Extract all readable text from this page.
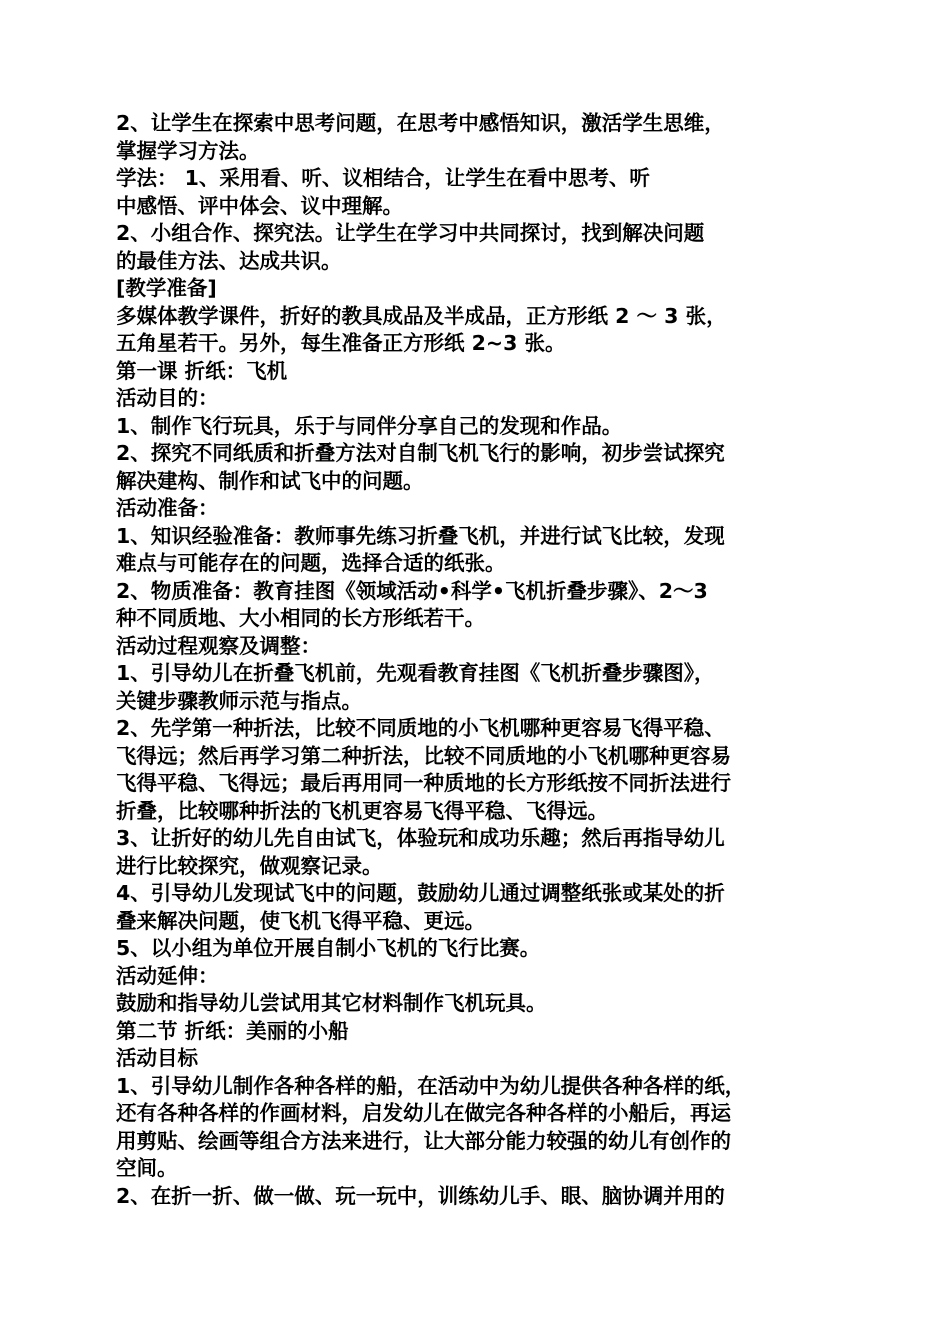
2、让学生在探索中思考问题，在思考中感悟知识，激活学生思维，
掌握学习方法。
学法： 1、采用看、听、议相结合，让学生在看中思考、听
中感悟、评中体会、议中理解。
2、小组合作、探究法。让学生在学习中共同探讨，找到解决问题
的最佳方法、达成共识。
[教学准备]
多媒体教学课件，折好的教具成品及半成品，正方形纸 2 ～ 3 张，
五角星若干。另外，每生准备正方形纸 2~3 张。
第一课 折纸：飞机
活动目的：
1、制作飞行玩具，乐于与同伴分享自己的发现和作品。
2、探究不同纸质和折叠方法对自制飞机飞行的影响，初步尝试探究
解决建构、制作和试飞中的问题。
活动准备：
1、知识经验准备：教师事先练习折叠飞机，并进行试飞比较，发现
难点与可能存在的问题，选择合适的纸张。
2、物质准备：教育挂图《领域活动•科学•飞机折叠步骤》、2～3
种不同质地、大小相同的长方形纸若干。
活动过程观察及调整：
1、引导幼儿在折叠飞机前，先观看教育挂图《飞机折叠步骤图》，
关键步骤教师示范与指点。
2、先学第一种折法，比较不同质地的小飞机哪种更容易飞得平稳、
飞得远；然后再学习第二种折法，比较不同质地的小飞机哪种更容易
飞得平稳、飞得远；最后再用同一种质地的长方形纸按不同折法进行
折叠，比较哪种折法的飞机更容易飞得平稳、飞得远。
3、让折好的幼儿先自由试飞，体验玩和成功乐趣；然后再指导幼儿
进行比较探究，做观察记录。
4、引导幼儿发现试飞中的问题，鼓励幼儿通过调整纸张或某处的折
叠来解决问题，使飞机飞得平稳、更远。
5、以小组为单位开展自制小飞机的飞行比赛。
活动延伸：
鼓励和指导幼儿尝试用其它材料制作飞机玩具。
第二节 折纸：美丽的小船
活动目标
1、引导幼儿制作各种各样的船，在活动中为幼儿提供各种各样的纸，
还有各种各样的作画材料，启发幼儿在做完各种各样的小船后，再运
用剪贴、绘画等组合方法来进行，让大部分能力较强的幼儿有创作的
空间。
2、在折一折、做一做、玩一玩中，训练幼儿手、眼、脑协调并用的
